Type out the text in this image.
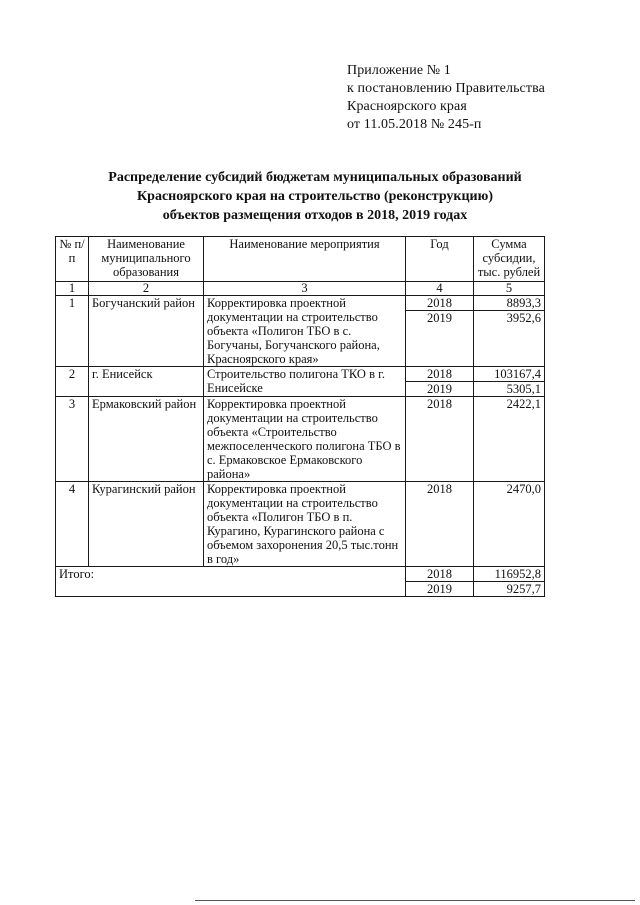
Приложение № 1
к постановлению Правительства
Красноярского края
от 11.05.2018 № 245-п
Распределение субсидий бюджетам муниципальных образований
Красноярского края на строительство (реконструкцию)
объектов размещения отходов в 2018, 2019 годах
№ п/п	Наименование муниципального образования	Наименование мероприятия	Год	Сумма субсидии, тыс. рублей
1	2	3	4	5
1	Богучанский район	Корректировка проектной документации на строительство объекта «Полигон ТБО в с. Богучаны, Богучанского района, Красноярского края»	2018	8893,3
			2019	3952,6
2	г. Енисейск	Строительство полигона ТКО в г. Енисейске	2018	103167,4
			2019	5305,1
3	Ермаковский район	Корректировка проектной документации на строительство объекта «Строительство межпоселенческого полигона ТБО в с. Ермаковское Ермаковского района»	2018	2422,1
4	Курагинский район	Корректировка проектной документации на строительство объекта «Полигон ТБО в п. Курагино, Курагинского района с объемом захоронения 20,5 тыс.тонн в год»	2018	2470,0
Итого:			2018	116952,8
			2019	9257,7
